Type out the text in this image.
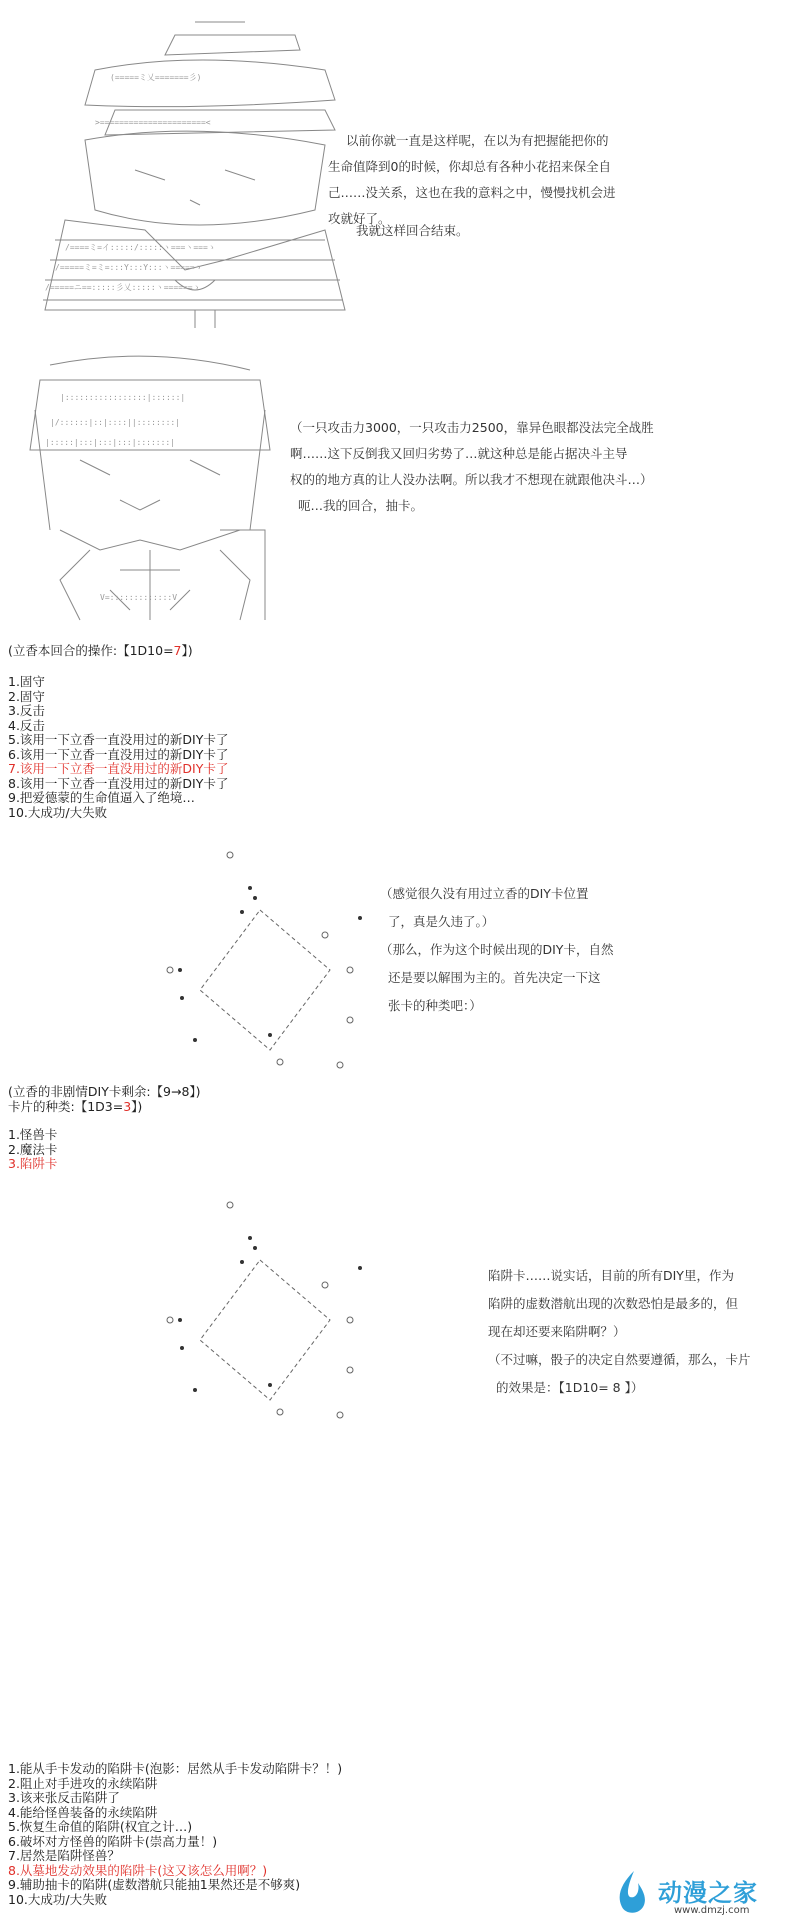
(=====ミ乂=======彡)
>======================<
/====ミ=イ:::::/:::::ヽ===ヽ===ゝ
/=====ミ=ミ=:::Y:::Y:::ヽ=====ゝ
/=====ニ==:::::彡乂:::::ヽ======ゝ
以前你就一直是这样呢，在以为有把握能把你的
生命值降到0的时候，你却总有各种小花招来保全自
己……没关系，这也在我的意料之中，慢慢找机会进
攻就好了。
我就这样回合结束。
|:::::::::::::::::|::::::|
|/::::::|::|::::||::::::::|
|:::::|:::|:::|:::|:::::::|
V=:::::::::::::V
（一只攻击力3000，一只攻击力2500，靠异色眼都没法完全战胜
啊……这下反倒我又回归劣势了…就这种总是能占据决斗主导
权的的地方真的让人没办法啊。所以我才不想现在就跟他决斗…）
呃…我的回合，抽卡。
(立香本回合的操作:【1D10=7】)
1.固守
2.固守
3.反击
4.反击
5.该用一下立香一直没用过的新DIY卡了
6.该用一下立香一直没用过的新DIY卡了
7.该用一下立香一直没用过的新DIY卡了
8.该用一下立香一直没用过的新DIY卡了
9.把爱德蒙的生命值逼入了绝境…
10.大成功/大失败
（感觉很久没有用过立香的DIY卡位置
了，真是久违了。）
（那么，作为这个时候出现的DIY卡，自然
还是要以解围为主的。首先决定一下这
张卡的种类吧：）
(立香的非剧情DIY卡剩余:【9→8】)
卡片的种类:【1D3=3】)
1.怪兽卡
2.魔法卡
3.陷阱卡
陷阱卡……说实话，目前的所有DIY里，作为
陷阱的虚数潜航出现的次数恐怕是最多的，但
现在却还要来陷阱啊？）
（不过嘛，骰子的决定自然要遵循，那么，卡片
的效果是：【1D10= 8 】）
1.能从手卡发动的陷阱卡(泡影：居然从手卡发动陷阱卡？！)
2.阻止对手进攻的永续陷阱
3.该来张反击陷阱了
4.能给怪兽装备的永续陷阱
5.恢复生命值的陷阱(权宜之计…)
6.破坏对方怪兽的陷阱卡(崇高力量！)
7.居然是陷阱怪兽？
8.从墓地发动效果的陷阱卡(这又该怎么用啊？)
9.辅助抽卡的陷阱(虚数潜航只能抽1果然还是不够爽)
10.大成功/大失败	动漫之家
www.dmzj.com
